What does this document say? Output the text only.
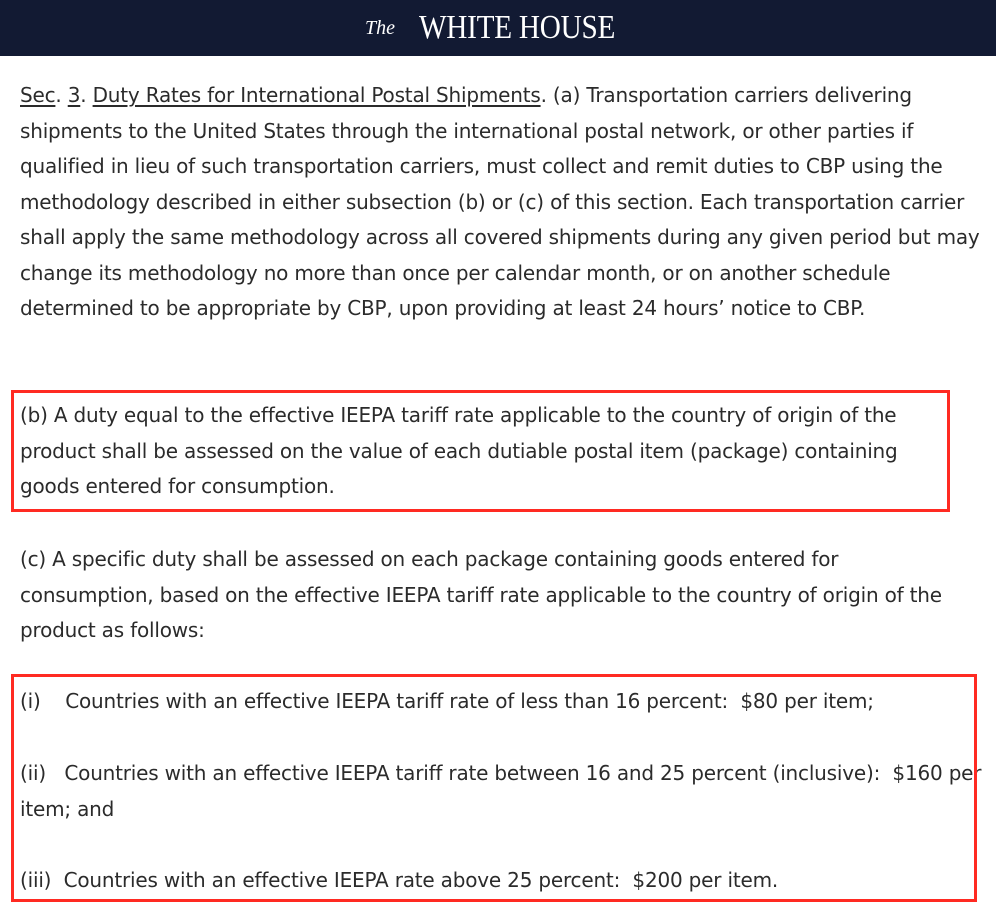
The WHITE HOUSE

Sec. 3. Duty Rates for International Postal Shipments. (a) Transportation carriers delivering shipments to the United States through the international postal network, or other parties if qualified in lieu of such transportation carriers, must collect and remit duties to CBP using the methodology described in either subsection (b) or (c) of this section. Each transportation carrier shall apply the same methodology across all covered shipments during any given period but may change its methodology no more than once per calendar month, or on another schedule determined to be appropriate by CBP, upon providing at least 24 hours’ notice to CBP.

(b) A duty equal to the effective IEEPA tariff rate applicable to the country of origin of the product shall be assessed on the value of each dutiable postal item (package) containing goods entered for consumption.

(c) A specific duty shall be assessed on each package containing goods entered for consumption, based on the effective IEEPA tariff rate applicable to the country of origin of the product as follows:

(i)    Countries with an effective IEEPA tariff rate of less than 16 percent:  $80 per item;

(ii)   Countries with an effective IEEPA tariff rate between 16 and 25 percent (inclusive):  $160 per item; and

(iii)  Countries with an effective IEEPA rate above 25 percent:  $200 per item.
